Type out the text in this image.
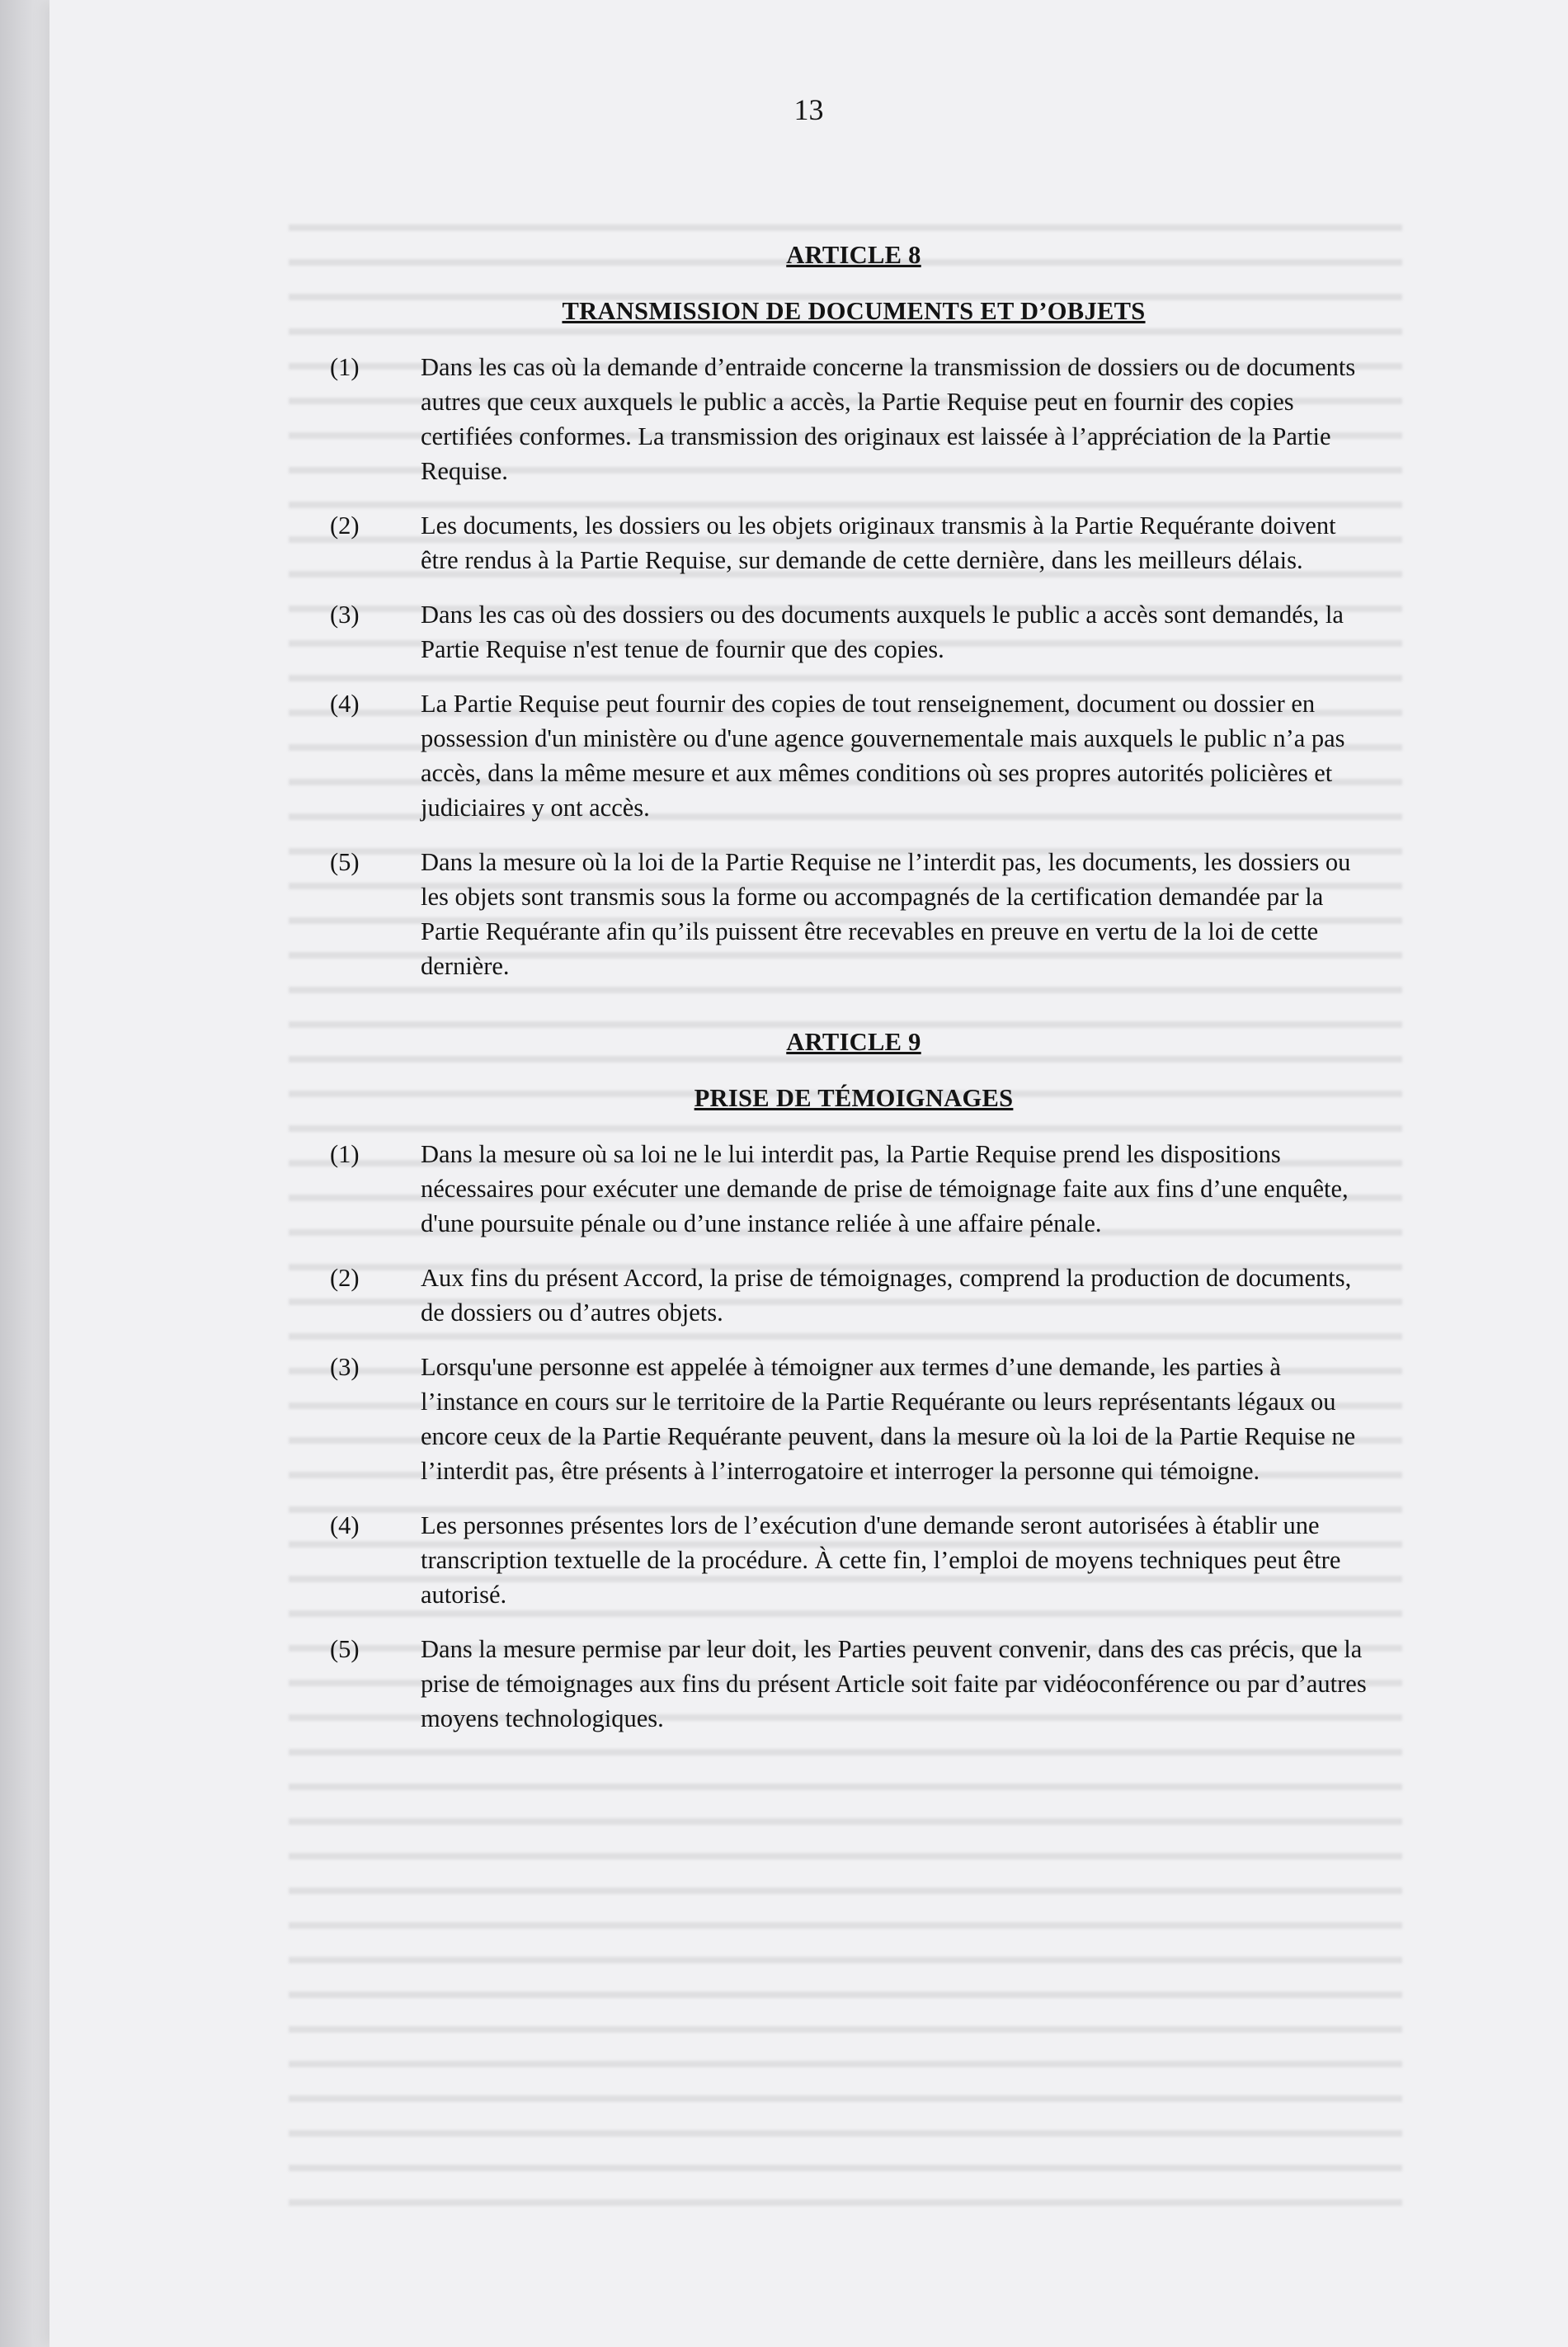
13
ARTICLE 8
TRANSMISSION DE DOCUMENTS ET D’OBJETS
(1)	Dans les cas où la demande d’entraide concerne la transmission de dossiers ou de documents autres que ceux auxquels le public a accès, la Partie Requise peut en fournir des copies certifiées conformes. La transmission des originaux est laissée à l’appréciation de la Partie Requise.
(2)	Les documents, les dossiers ou les objets originaux transmis à la Partie Requérante doivent être rendus à la Partie Requise, sur demande de cette dernière, dans les meilleurs délais.
(3)	Dans les cas où des dossiers ou des documents auxquels le public a accès sont demandés, la Partie Requise n'est tenue de fournir que des copies.
(4)	La Partie Requise peut fournir des copies de tout renseignement, document ou dossier en possession d'un ministère ou d'une agence gouvernementale mais auxquels le public n’a pas accès, dans la même mesure et aux mêmes conditions où ses propres autorités policières et judiciaires y ont accès.
(5)	Dans la mesure où la loi de la Partie Requise ne l’interdit pas, les documents, les dossiers ou les objets sont transmis sous la forme ou accompagnés de la certification demandée par la Partie Requérante afin qu’ils puissent être recevables en preuve en vertu de la loi de cette dernière.
ARTICLE 9
PRISE DE TÉMOIGNAGES
(1)	Dans la mesure où sa loi ne le lui interdit pas, la Partie Requise prend les dispositions nécessaires pour exécuter une demande de prise de témoignage faite aux fins d’une enquête, d'une poursuite pénale ou d’une instance reliée à une affaire pénale.
(2)	Aux fins du présent Accord, la prise de témoignages, comprend la production de documents, de dossiers ou d’autres objets.
(3)	Lorsqu'une personne est appelée à témoigner aux termes d’une demande, les parties à l’instance en cours sur le territoire de la Partie Requérante ou leurs représentants légaux ou encore ceux de la Partie Requérante peuvent, dans la mesure où la loi de la Partie Requise ne l’interdit pas, être présents à l’interrogatoire et interroger la personne qui témoigne.
(4)	Les personnes présentes lors de l’exécution d'une demande seront autorisées à établir une transcription textuelle de la procédure. À cette fin, l’emploi de moyens techniques peut être autorisé.
(5)	Dans la mesure permise par leur doit, les Parties peuvent convenir, dans des cas précis, que la prise de témoignages aux fins du présent Article soit faite par vidéoconférence ou par d’autres moyens technologiques.
